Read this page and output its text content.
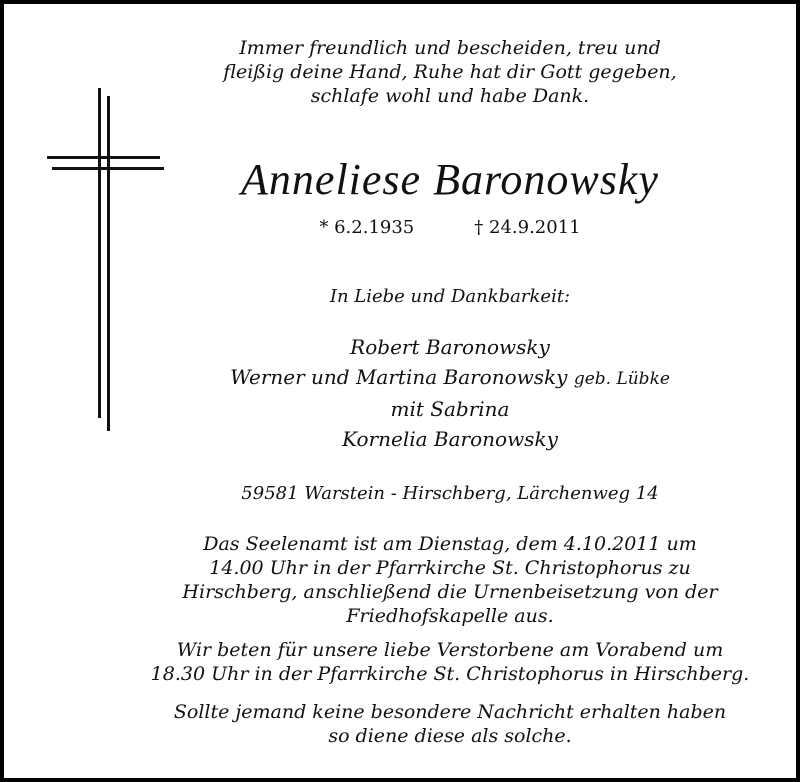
Immer freundlich und bescheiden, treu und
fleißig deine Hand, Ruhe hat dir Gott gegeben,
schlafe wohl und habe Dank.
Anneliese Baronowsky
* 6.2.1935	† 24.9.2011
In Liebe und Dankbarkeit:
Robert Baronowsky
Werner und Martina Baronowsky geb. Lübke
mit Sabrina
Kornelia Baronowsky
59581 Warstein - Hirschberg, Lärchenweg 14
Das Seelenamt ist am Dienstag, dem 4.10.2011 um
14.00 Uhr in der Pfarrkirche St. Christophorus zu
Hirschberg, anschließend die Urnenbeisetzung von der
Friedhofskapelle aus.
Wir beten für unsere liebe Verstorbene am Vorabend um
18.30 Uhr in der Pfarrkirche St. Christophorus in Hirschberg.
Sollte jemand keine besondere Nachricht erhalten haben
so diene diese als solche.
